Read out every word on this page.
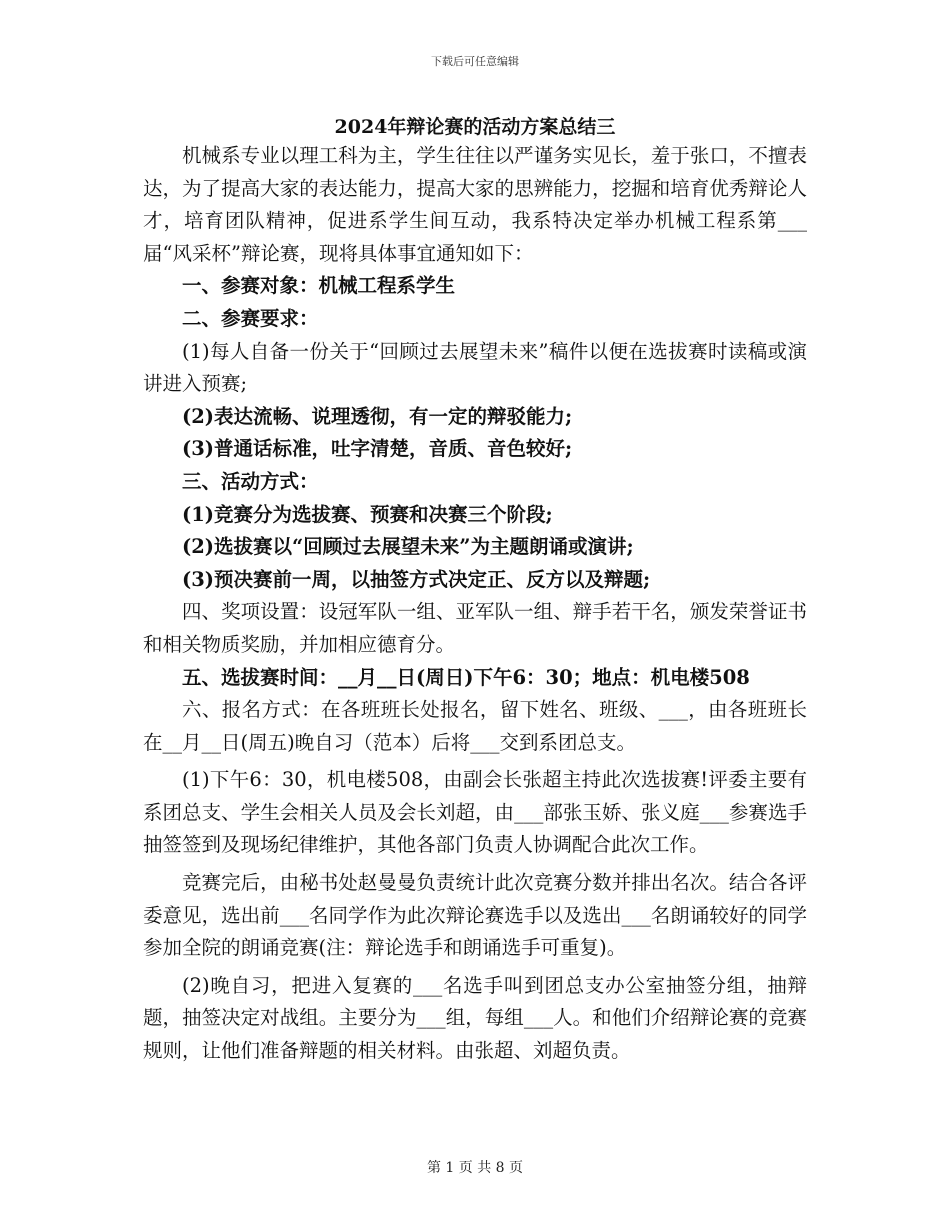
下载后可任意编辑
2024年辩论赛的活动方案总结三

机械系专业以理工科为主，学生往往以严谨务实见长，羞于张口，不擅表达，为了提高大家的表达能力，提高大家的思辨能力，挖掘和培育优秀辩论人才，培育团队精神，促进系学生间互动，我系特决定举办机械工程系第___届“风采杯”辩论赛，现将具体事宜通知如下：

一、参赛对象：机械工程系学生

二、参赛要求：

(1)每人自备一份关于“回顾过去展望未来”稿件以便在选拔赛时读稿或演讲进入预赛;

(2)表达流畅、说理透彻，有一定的辩驳能力;

(3)普通话标准，吐字清楚，音质、音色较好;

三、活动方式：

(1)竞赛分为选拔赛、预赛和决赛三个阶段;

(2)选拔赛以“回顾过去展望未来”为主题朗诵或演讲;

(3)预决赛前一周，以抽签方式决定正、反方以及辩题;

四、奖项设置：设冠军队一组、亚军队一组、辩手若干名，颁发荣誉证书和相关物质奖励，并加相应德育分。

五、选拔赛时间：__月__日(周日)下午6：30；地点：机电楼508

六、报名方式：在各班班长处报名，留下姓名、班级、___，由各班班长在__月__日(周五)晚自习（范本）后将___交到系团总支。

(1)下午6：30，机电楼508，由副会长张超主持此次选拔赛!评委主要有系团总支、学生会相关人员及会长刘超，由___部张玉娇、张义庭___参赛选手抽签签到及现场纪律维护，其他各部门负责人协调配合此次工作。

竞赛完后，由秘书处赵曼曼负责统计此次竞赛分数并排出名次。结合各评委意见，选出前___名同学作为此次辩论赛选手以及选出___名朗诵较好的同学参加全院的朗诵竞赛(注：辩论选手和朗诵选手可重复)。

(2)晚自习，把进入复赛的___名选手叫到团总支办公室抽签分组，抽辩题，抽签决定对战组。主要分为___组，每组___人。和他们介绍辩论赛的竞赛规则，让他们准备辩题的相关材料。由张超、刘超负责。

第 1 页 共 8 页
